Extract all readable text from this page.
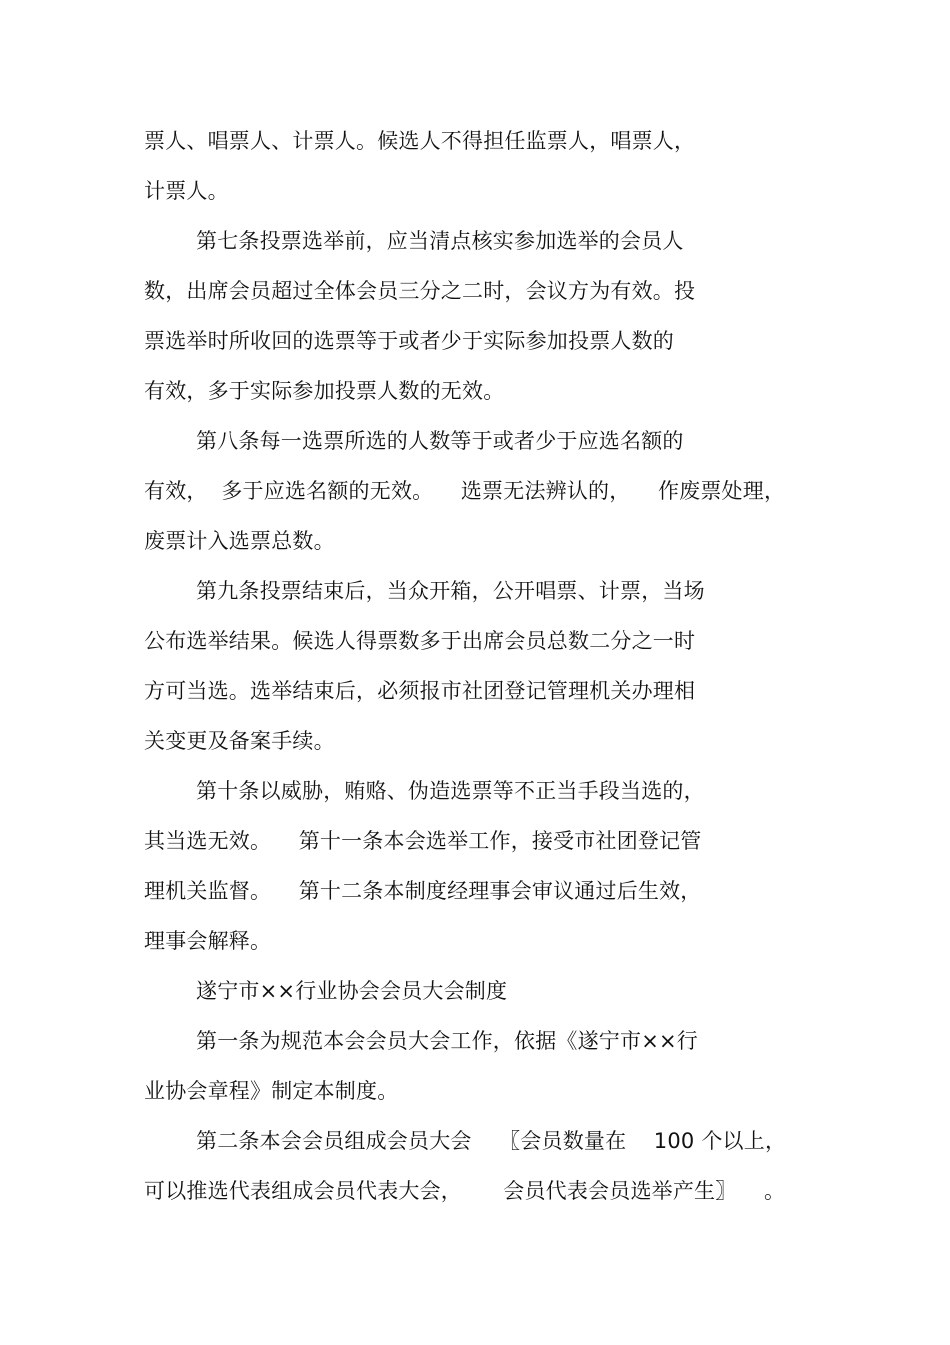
票人、唱票人、计票人。候选人不得担任监票人，唱票人，
计票人。
第七条投票选举前，应当清点核实参加选举的会员人
数，出席会员超过全体会员三分之二时，会议方为有效。投
票选举时所收回的选票等于或者少于实际参加投票人数的
有效，多于实际参加投票人数的无效。
第八条每一选票所选的人数等于或者少于应选名额的
有效，  多于应选名额的无效。    选票无法辨认的，    作废票处理，
废票计入选票总数。
第九条投票结束后，当众开箱，公开唱票、计票，当场
公布选举结果。候选人得票数多于出席会员总数二分之一时
方可当选。选举结束后，必须报市社团登记管理机关办理相
关变更及备案手续。
第十条以威胁，贿赂、伪造选票等不正当手段当选的，
其当选无效。    第十一条本会选举工作，接受市社团登记管
理机关监督。    第十二条本制度经理事会审议通过后生效，
理事会解释。
遂宁市××行业协会会员大会制度
第一条为规范本会会员大会工作，依据《遂宁市××行
业协会章程》制定本制度。
第二条本会会员组成会员大会    〖会员数量在    100 个以上，
可以推选代表组成会员代表大会，      会员代表会员选举产生〗    。
